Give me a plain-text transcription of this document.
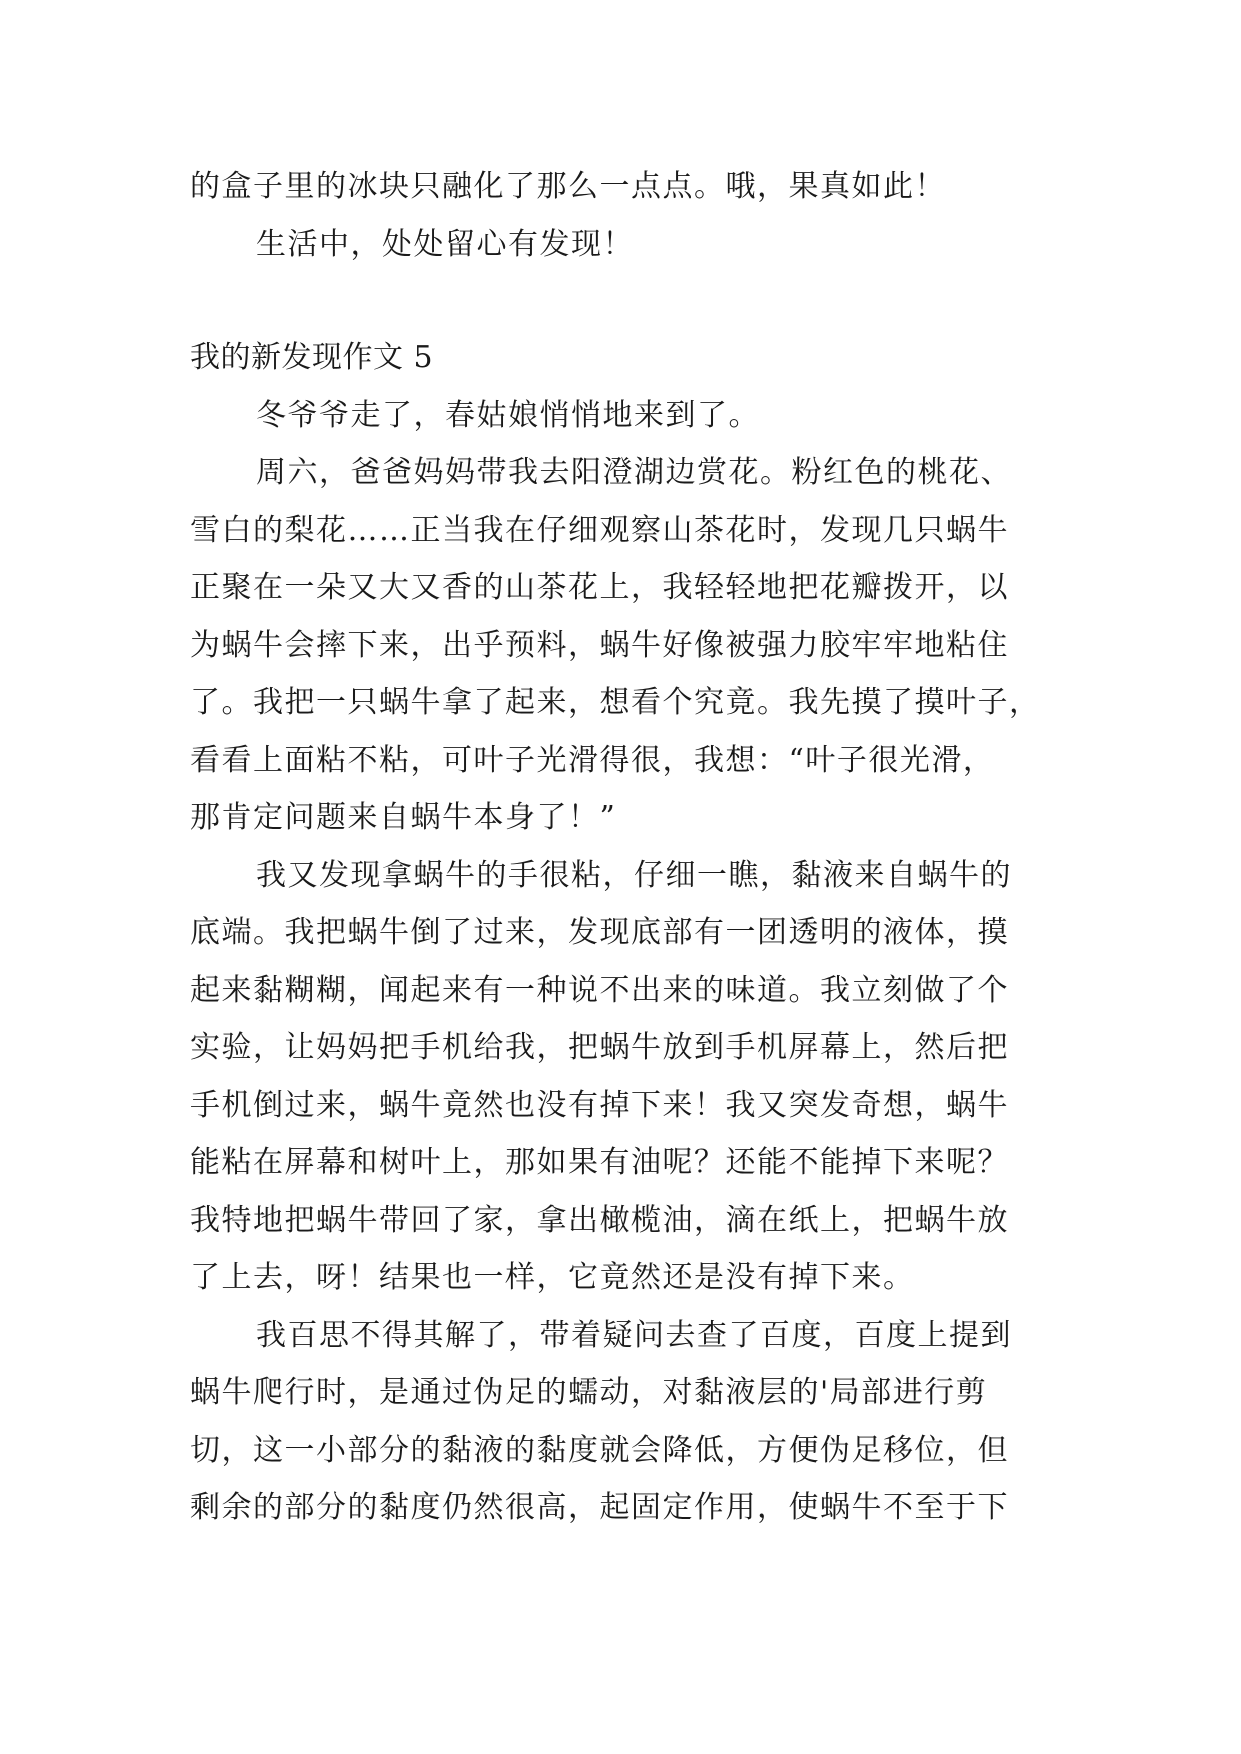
的盒子里的冰块只融化了那么一点点。哦，果真如此！
生活中，处处留心有发现！
我的新发现作文 5
冬爷爷走了，春姑娘悄悄地来到了。
周六，爸爸妈妈带我去阳澄湖边赏花。粉红色的桃花、
雪白的梨花……正当我在仔细观察山茶花时，发现几只蜗牛
正聚在一朵又大又香的山茶花上，我轻轻地把花瓣拨开，以
为蜗牛会摔下来，出乎预料，蜗牛好像被强力胶牢牢地粘住
了。我把一只蜗牛拿了起来，想看个究竟。我先摸了摸叶子，
看看上面粘不粘，可叶子光滑得很，我想：“叶子很光滑，
那肯定问题来自蜗牛本身了！”
我又发现拿蜗牛的手很粘，仔细一瞧，黏液来自蜗牛的
底端。我把蜗牛倒了过来，发现底部有一团透明的液体，摸
起来黏糊糊，闻起来有一种说不出来的味道。我立刻做了个
实验，让妈妈把手机给我，把蜗牛放到手机屏幕上，然后把
手机倒过来，蜗牛竟然也没有掉下来！我又突发奇想，蜗牛
能粘在屏幕和树叶上，那如果有油呢？还能不能掉下来呢？
我特地把蜗牛带回了家，拿出橄榄油，滴在纸上，把蜗牛放
了上去，呀！结果也一样，它竟然还是没有掉下来。
我百思不得其解了，带着疑问去查了百度，百度上提到
蜗牛爬行时，是通过伪足的蠕动，对黏液层的'局部进行剪
切，这一小部分的黏液的黏度就会降低，方便伪足移位，但
剩余的部分的黏度仍然很高，起固定作用，使蜗牛不至于下
